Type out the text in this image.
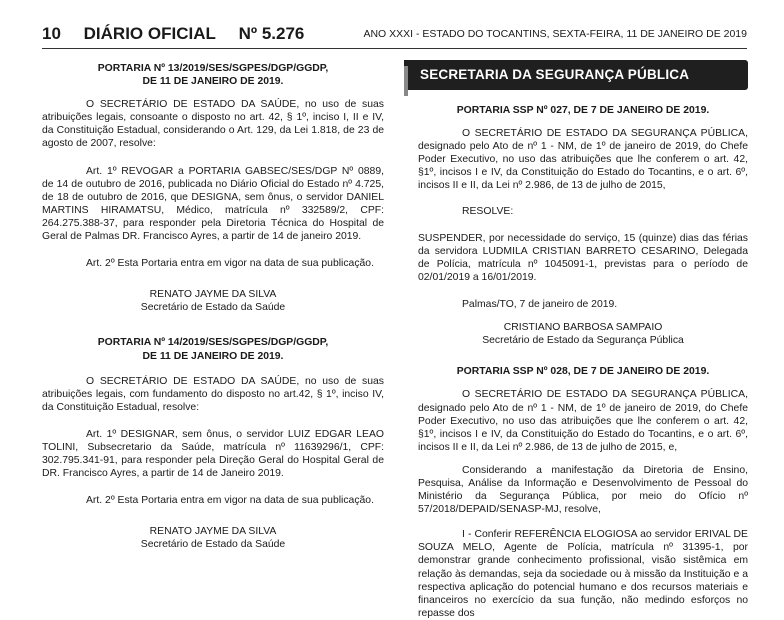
10 DIÁRIO OFICIAL Nº 5.276	ANO XXXI - ESTADO DO TOCANTINS, SEXTA-FEIRA, 11 DE JANEIRO DE 2019

PORTARIA Nº 13/2019/SES/SGPES/DGP/GGDP,

DE 11 DE JANEIRO DE 2019.

O SECRETÁRIO DE ESTADO DA SAÚDE, no uso de suas atribuições legais, consoante o disposto no art. 42, § 1º, inciso I, II e IV, da Constituição Estadual, considerando o Art. 129, da Lei 1.818, de 23 de agosto de 2007, resolve:

Art. 1º REVOGAR a PORTARIA GABSEC/SES/DGP Nº 0889, de 14 de outubro de 2016, publicada no Diário Oficial do Estado nº 4.725, de 18 de outubro de 2016, que DESIGNA, sem ônus, o servidor DANIEL MARTINS HIRAMATSU, Médico, matrícula nº 332589/2, CPF: 264.275.388-37, para responder pela Diretoria Técnica do Hospital de Geral de Palmas DR. Francisco Ayres, a partir de 14 de janeiro 2019.

Art. 2º Esta Portaria entra em vigor na data de sua publicação.

RENATO JAYME DA SILVA

Secretário de Estado da Saúde

PORTARIA Nº 14/2019/SES/SGPES/DGP/GGDP,

DE 11 DE JANEIRO DE 2019.

O SECRETÁRIO DE ESTADO DA SAÚDE, no uso de suas atribuições legais, com fundamento do disposto no art.42, § 1º, inciso IV, da Constituição Estadual, resolve:

Art. 1º DESIGNAR, sem ônus, o servidor LUIZ EDGAR LEAO TOLINI, Subsecretario da Saúde, matrícula nº 11639296/1, CPF: 302.795.341-91, para responder pela Direção Geral do Hospital Geral de DR. Francisco Ayres, a partir de 14 de Janeiro 2019.

Art. 2º Esta Portaria entra em vigor na data de sua publicação.

RENATO JAYME DA SILVA

Secretário de Estado da Saúde

SECRETARIA DA SEGURANÇA PÚBLICA

PORTARIA SSP Nº 027, DE 7 DE JANEIRO DE 2019.

O SECRETÁRIO DE ESTADO DA SEGURANÇA PÚBLICA, designado pelo Ato de nº 1 - NM, de 1º de janeiro de 2019, do Chefe Poder Executivo, no uso das atribuições que lhe conferem o art. 42, §1º, incisos I e IV, da Constituição do Estado do Tocantins, e o art. 6º, incisos II e II, da Lei nº 2.986, de 13 de julho de 2015,

RESOLVE:

SUSPENDER, por necessidade do serviço, 15 (quinze) dias das férias da servidora LUDMILA CRISTIAN BARRETO CESARINO, Delegada de Polícia, matrícula nº 1045091-1, previstas para o período de 02/01/2019 a 16/01/2019.

Palmas/TO, 7 de janeiro de 2019.

CRISTIANO BARBOSA SAMPAIO

Secretário de Estado da Segurança Pública

PORTARIA SSP Nº 028, DE 7 DE JANEIRO DE 2019.

O SECRETÁRIO DE ESTADO DA SEGURANÇA PÚBLICA, designado pelo Ato de nº 1 - NM, de 1º de janeiro de 2019, do Chefe Poder Executivo, no uso das atribuições que lhe conferem o art. 42, §1º, incisos I e IV, da Constituição do Estado do Tocantins, e o art. 6º, incisos II e II, da Lei nº 2.986, de 13 de julho de 2015, e,

Considerando a manifestação da Diretoria de Ensino, Pesquisa, Análise da Informação e Desenvolvimento de Pessoal do Ministério da Segurança Pública, por meio do Ofício nº 57/2018/DEPAID/SENASP-MJ, resolve,

I - Conferir REFERÊNCIA ELOGIOSA ao servidor ERIVAL DE SOUZA MELO, Agente de Polícia, matrícula nº 31395-1, por demonstrar grande conhecimento profissional, visão sistêmica em relação às demandas, seja da sociedade ou à missão da Instituição e a respectiva aplicação do potencial humano e dos recursos materiais e financeiros no exercício da sua função, não medindo esforços no repasse dos
